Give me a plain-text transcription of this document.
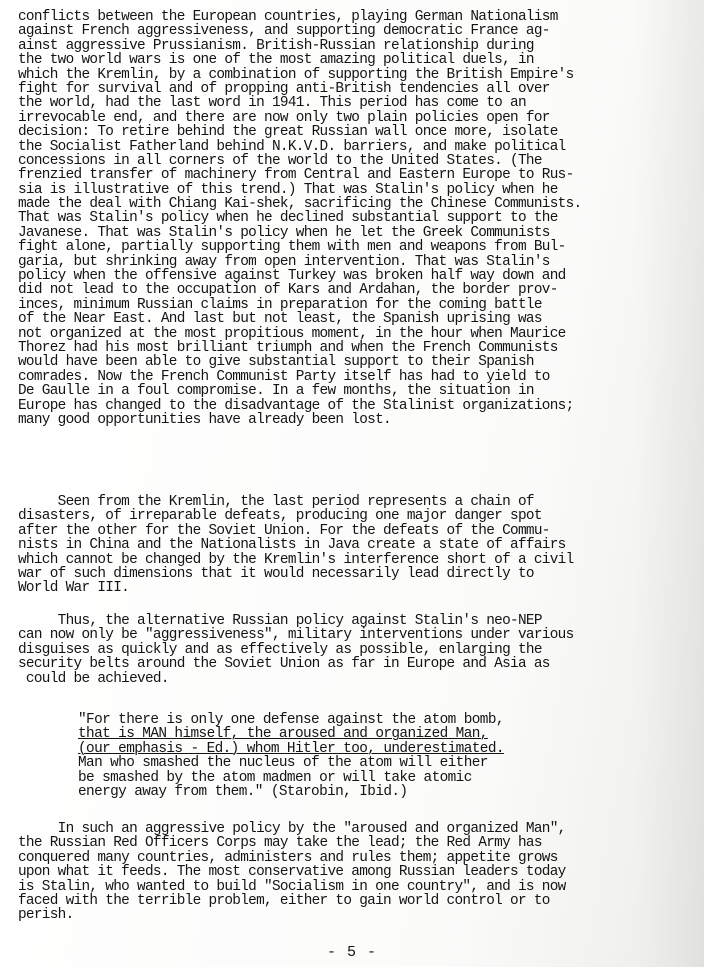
conflicts between the European countries, playing German Nationalism
against French aggressiveness, and supporting democratic France ag-
ainst aggressive Prussianism. British-Russian relationship during
the two world wars is one of the most amazing political duels, in
which the Kremlin, by a combination of supporting the British Empire's
fight for survival and of propping anti-British tendencies all over
the world, had the last word in 1941. This period has come to an
irrevocable end, and there are now only two plain policies open for
decision: To retire behind the great Russian wall once more, isolate
the Socialist Fatherland behind N.K.V.D. barriers, and make political
concessions in all corners of the world to the United States. (The
frenzied transfer of machinery from Central and Eastern Europe to Rus-
sia is illustrative of this trend.) That was Stalin's policy when he
made the deal with Chiang Kai-shek, sacrificing the Chinese Communists.
That was Stalin's policy when he declined substantial support to the
Javanese. That was Stalin's policy when he let the Greek Communists
fight alone, partially supporting them with men and weapons from Bul-
garia, but shrinking away from open intervention. That was Stalin's
policy when the offensive against Turkey was broken half way down and
did not lead to the occupation of Kars and Ardahan, the border prov-
inces, minimum Russian claims in preparation for the coming battle
of the Near East. And last but not least, the Spanish uprising was
not organized at the most propitious moment, in the hour when Maurice
Thorez had his most brilliant triumph and when the French Communists
would have been able to give substantial support to their Spanish
comrades. Now the French Communist Party itself has had to yield to
De Gaulle in a foul compromise. In a few months, the situation in
Europe has changed to the disadvantage of the Stalinist organizations;
many good opportunities have already been lost.
Seen from the Kremlin, the last period represents a chain of
disasters, of irreparable defeats, producing one major danger spot
after the other for the Soviet Union. For the defeats of the Commu-
nists in China and the Nationalists in Java create a state of affairs
which cannot be changed by the Kremlin's interference short of a civil
war of such dimensions that it would necessarily lead directly to
World War III.
Thus, the alternative Russian policy against Stalin's neo-NEP
can now only be "aggressiveness", military interventions under various
disguises as quickly and as effectively as possible, enlarging the
security belts around the Soviet Union as far in Europe and Asia as
could be achieved.
"For there is only one defense against the atom bomb,
that is MAN himself, the aroused and organized Man,
(our emphasis - Ed.) whom Hitler too, underestimated.
Man who smashed the nucleus of the atom will either
be smashed by the atom madmen or will take atomic
energy away from them." (Starobin, Ibid.)
In such an aggressive policy by the "aroused and organized Man",
the Russian Red Officers Corps may take the lead; the Red Army has
conquered many countries, administers and rules them; appetite grows
upon what it feeds. The most conservative among Russian leaders today
is Stalin, who wanted to build "Socialism in one country", and is now
faced with the terrible problem, either to gain world control or to
perish.
- 5 -
